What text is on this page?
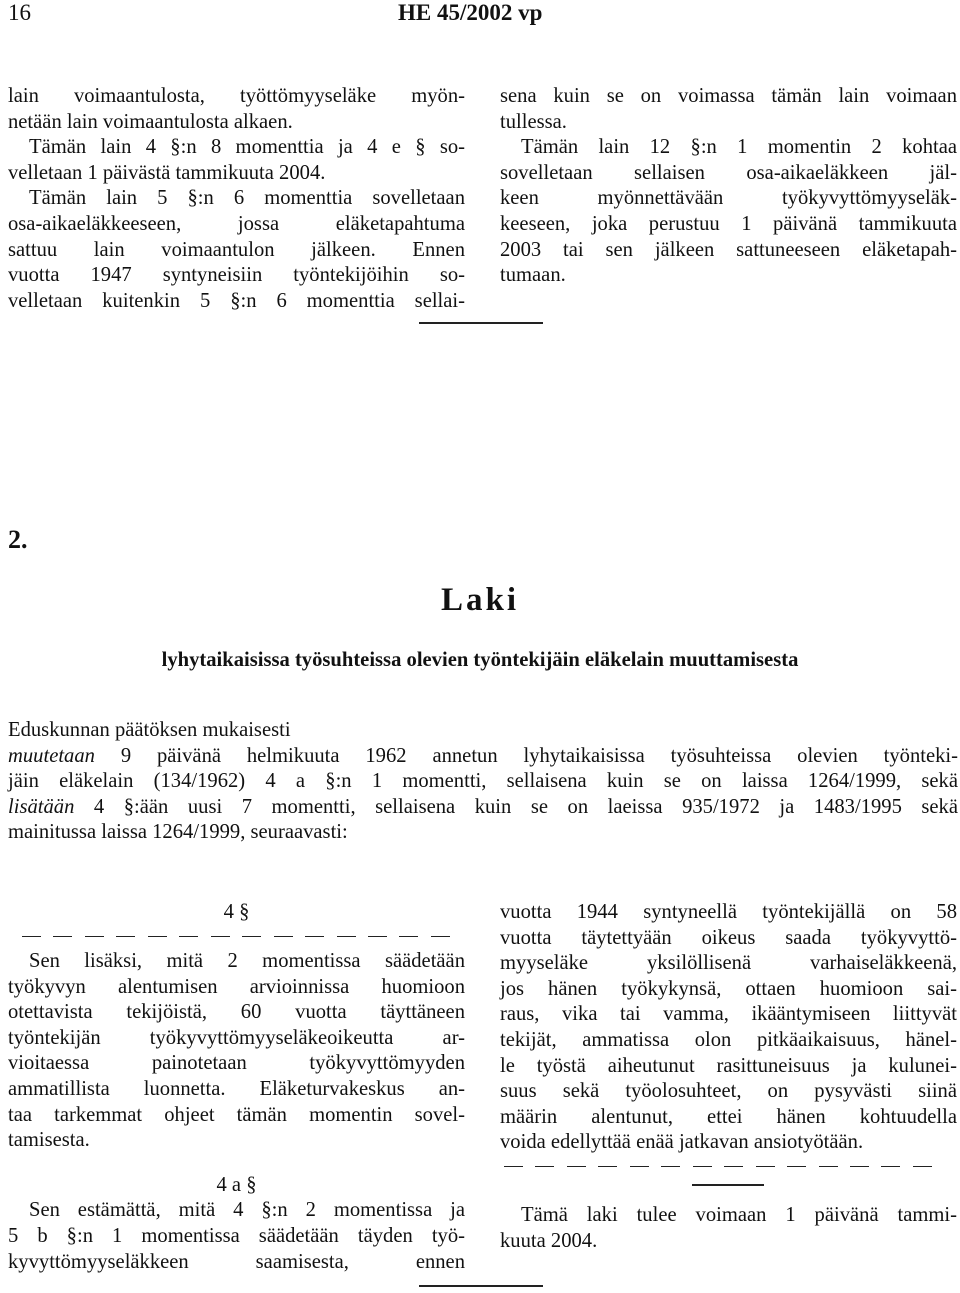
16	HE 45/2002 vp

lain voimaantulosta, työttömyyseläke myön-

netään lain voimaantulosta alkaen.

Tämän lain 4 §:n 8 momenttia ja 4 e § so-

velletaan 1 päivästä tammikuuta 2004.

Tämän lain 5 §:n 6 momenttia sovelletaan

osa-aikaeläkkeeseen, jossa eläketapahtuma

sattuu lain voimaantulon jälkeen. Ennen

vuotta 1947 syntyneisiin työntekijöihin so-

velletaan kuitenkin 5 §:n 6 momenttia sellai-

sena kuin se on voimassa tämän lain voimaan

tullessa.

Tämän lain 12 §:n 1 momentin 2 kohtaa

sovelletaan sellaisen osa-aikaeläkkeen jäl-

keen myönnettävään työkyvyttömyyseläk-

keeseen, joka perustuu 1 päivänä tammikuuta

2003 tai sen jälkeen sattuneeseen eläketapah-

tumaan.

2.
Laki
lyhytaikaisissa työsuhteissa olevien työntekijäin eläkelain muuttamisesta

Eduskunnan päätöksen mukaisesti

muutetaan 9 päivänä helmikuuta 1962 annetun lyhytaikaisissa työsuhteissa olevien työnteki-

jäin eläkelain (134/1962) 4 a §:n 1 momentti, sellaisena kuin se on laissa 1264/1999, sekä

lisätään 4 §:ään uusi 7 momentti, sellaisena kuin se on laeissa 935/1972 ja 1483/1995 sekä

mainitussa laissa 1264/1999, seuraavasti:

4 §

Sen lisäksi, mitä 2 momentissa säädetään

työkyvyn alentumisen arvioinnissa huomioon

otettavista tekijöistä, 60 vuotta täyttäneen

työntekijän työkyvyttömyyseläkeoikeutta ar-

vioitaessa painotetaan työkyvyttömyyden

ammatillista luonnetta. Eläketurvakeskus an-

taa tarkemmat ohjeet tämän momentin sovel-

tamisesta.

4 a §

Sen estämättä, mitä 4 §:n 2 momentissa ja

5 b §:n 1 momentissa säädetään täyden työ-

kyvyttömyyseläkkeen saamisesta, ennen

vuotta 1944 syntyneellä työntekijällä on 58

vuotta täytettyään oikeus saada työkyvyttö-

myyseläke yksilöllisenä varhaiseläkkeenä,

jos hänen työkykynsä, ottaen huomioon sai-

raus, vika tai vamma, ikääntymiseen liittyvät

tekijät, ammatissa olon pitkäaikaisuus, hänel-

le työstä aiheutunut rasittuneisuus ja kulunei-

suus sekä työolosuhteet, on pysyvästi siinä

määrin alentunut, ettei hänen kohtuudella

voida edellyttää enää jatkavan ansiotyötään.

Tämä laki tulee voimaan 1 päivänä tammi-

kuuta 2004.
